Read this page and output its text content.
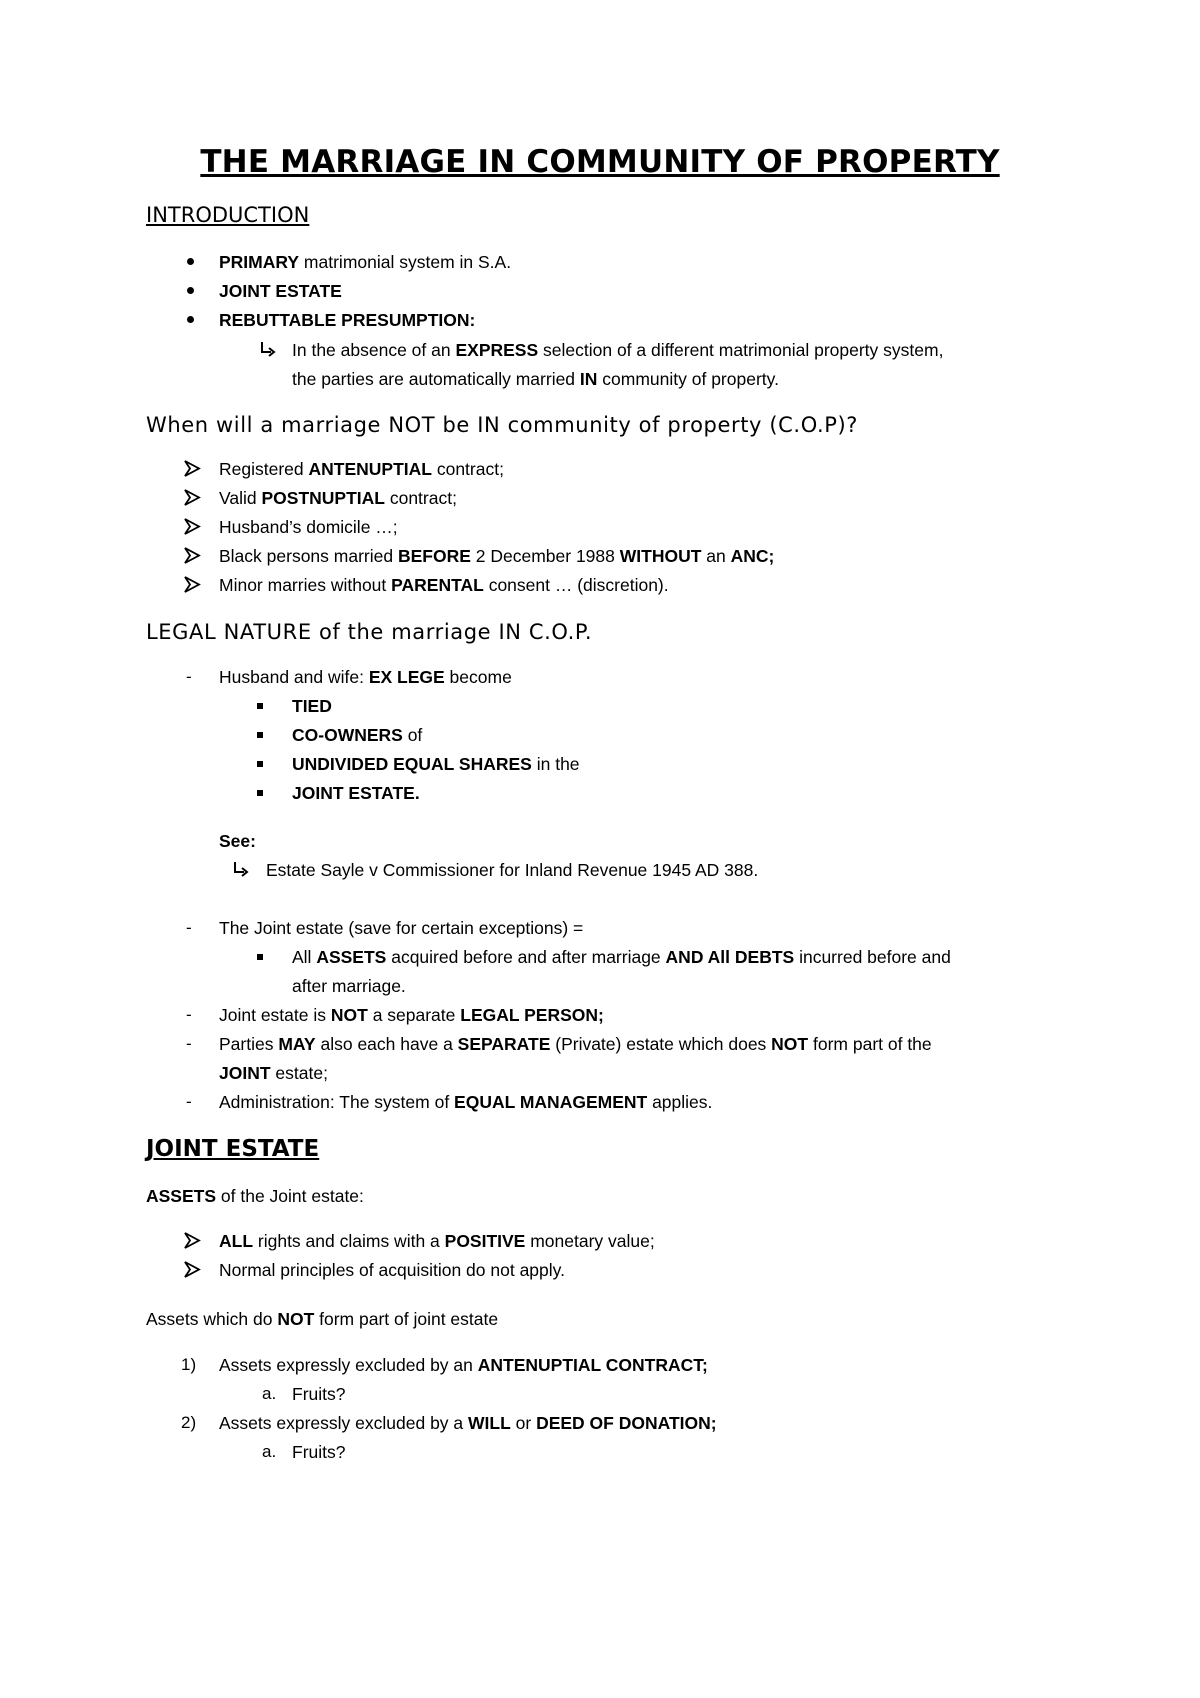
THE MARRIAGE IN COMMUNITY OF PROPERTY
INTRODUCTION
PRIMARY matrimonial system in S.A.
JOINT ESTATE
REBUTTABLE PRESUMPTION:
In the absence of an EXPRESS selection of a different matrimonial property system,
the parties are automatically married IN community of property.
When will a marriage NOT be IN community of property (C.O.P)?
Registered ANTENUPTIAL contract;
Valid POSTNUPTIAL contract;
Husband’s domicile …;
Black persons married BEFORE 2 December 1988 WITHOUT an ANC;
Minor marries without PARENTAL consent … (discretion).
LEGAL NATURE of the marriage IN C.O.P.
- Husband and wife: EX LEGE become
TIED
CO-OWNERS of
UNDIVIDED EQUAL SHARES in the
JOINT ESTATE.
See:
Estate Sayle v Commissioner for Inland Revenue 1945 AD 388.
- The Joint estate (save for certain exceptions) =
All ASSETS acquired before and after marriage AND All DEBTS incurred before and
after marriage.
- Joint estate is NOT a separate LEGAL PERSON;
- Parties MAY also each have a SEPARATE (Private) estate which does NOT form part of the
JOINT estate;
- Administration: The system of EQUAL MANAGEMENT applies.
JOINT ESTATE
ASSETS of the Joint estate:
ALL rights and claims with a POSITIVE monetary value;
Normal principles of acquisition do not apply.
Assets which do NOT form part of joint estate
1) Assets expressly excluded by an ANTENUPTIAL CONTRACT;
a. Fruits?
2) Assets expressly excluded by a WILL or DEED OF DONATION;
a. Fruits?
